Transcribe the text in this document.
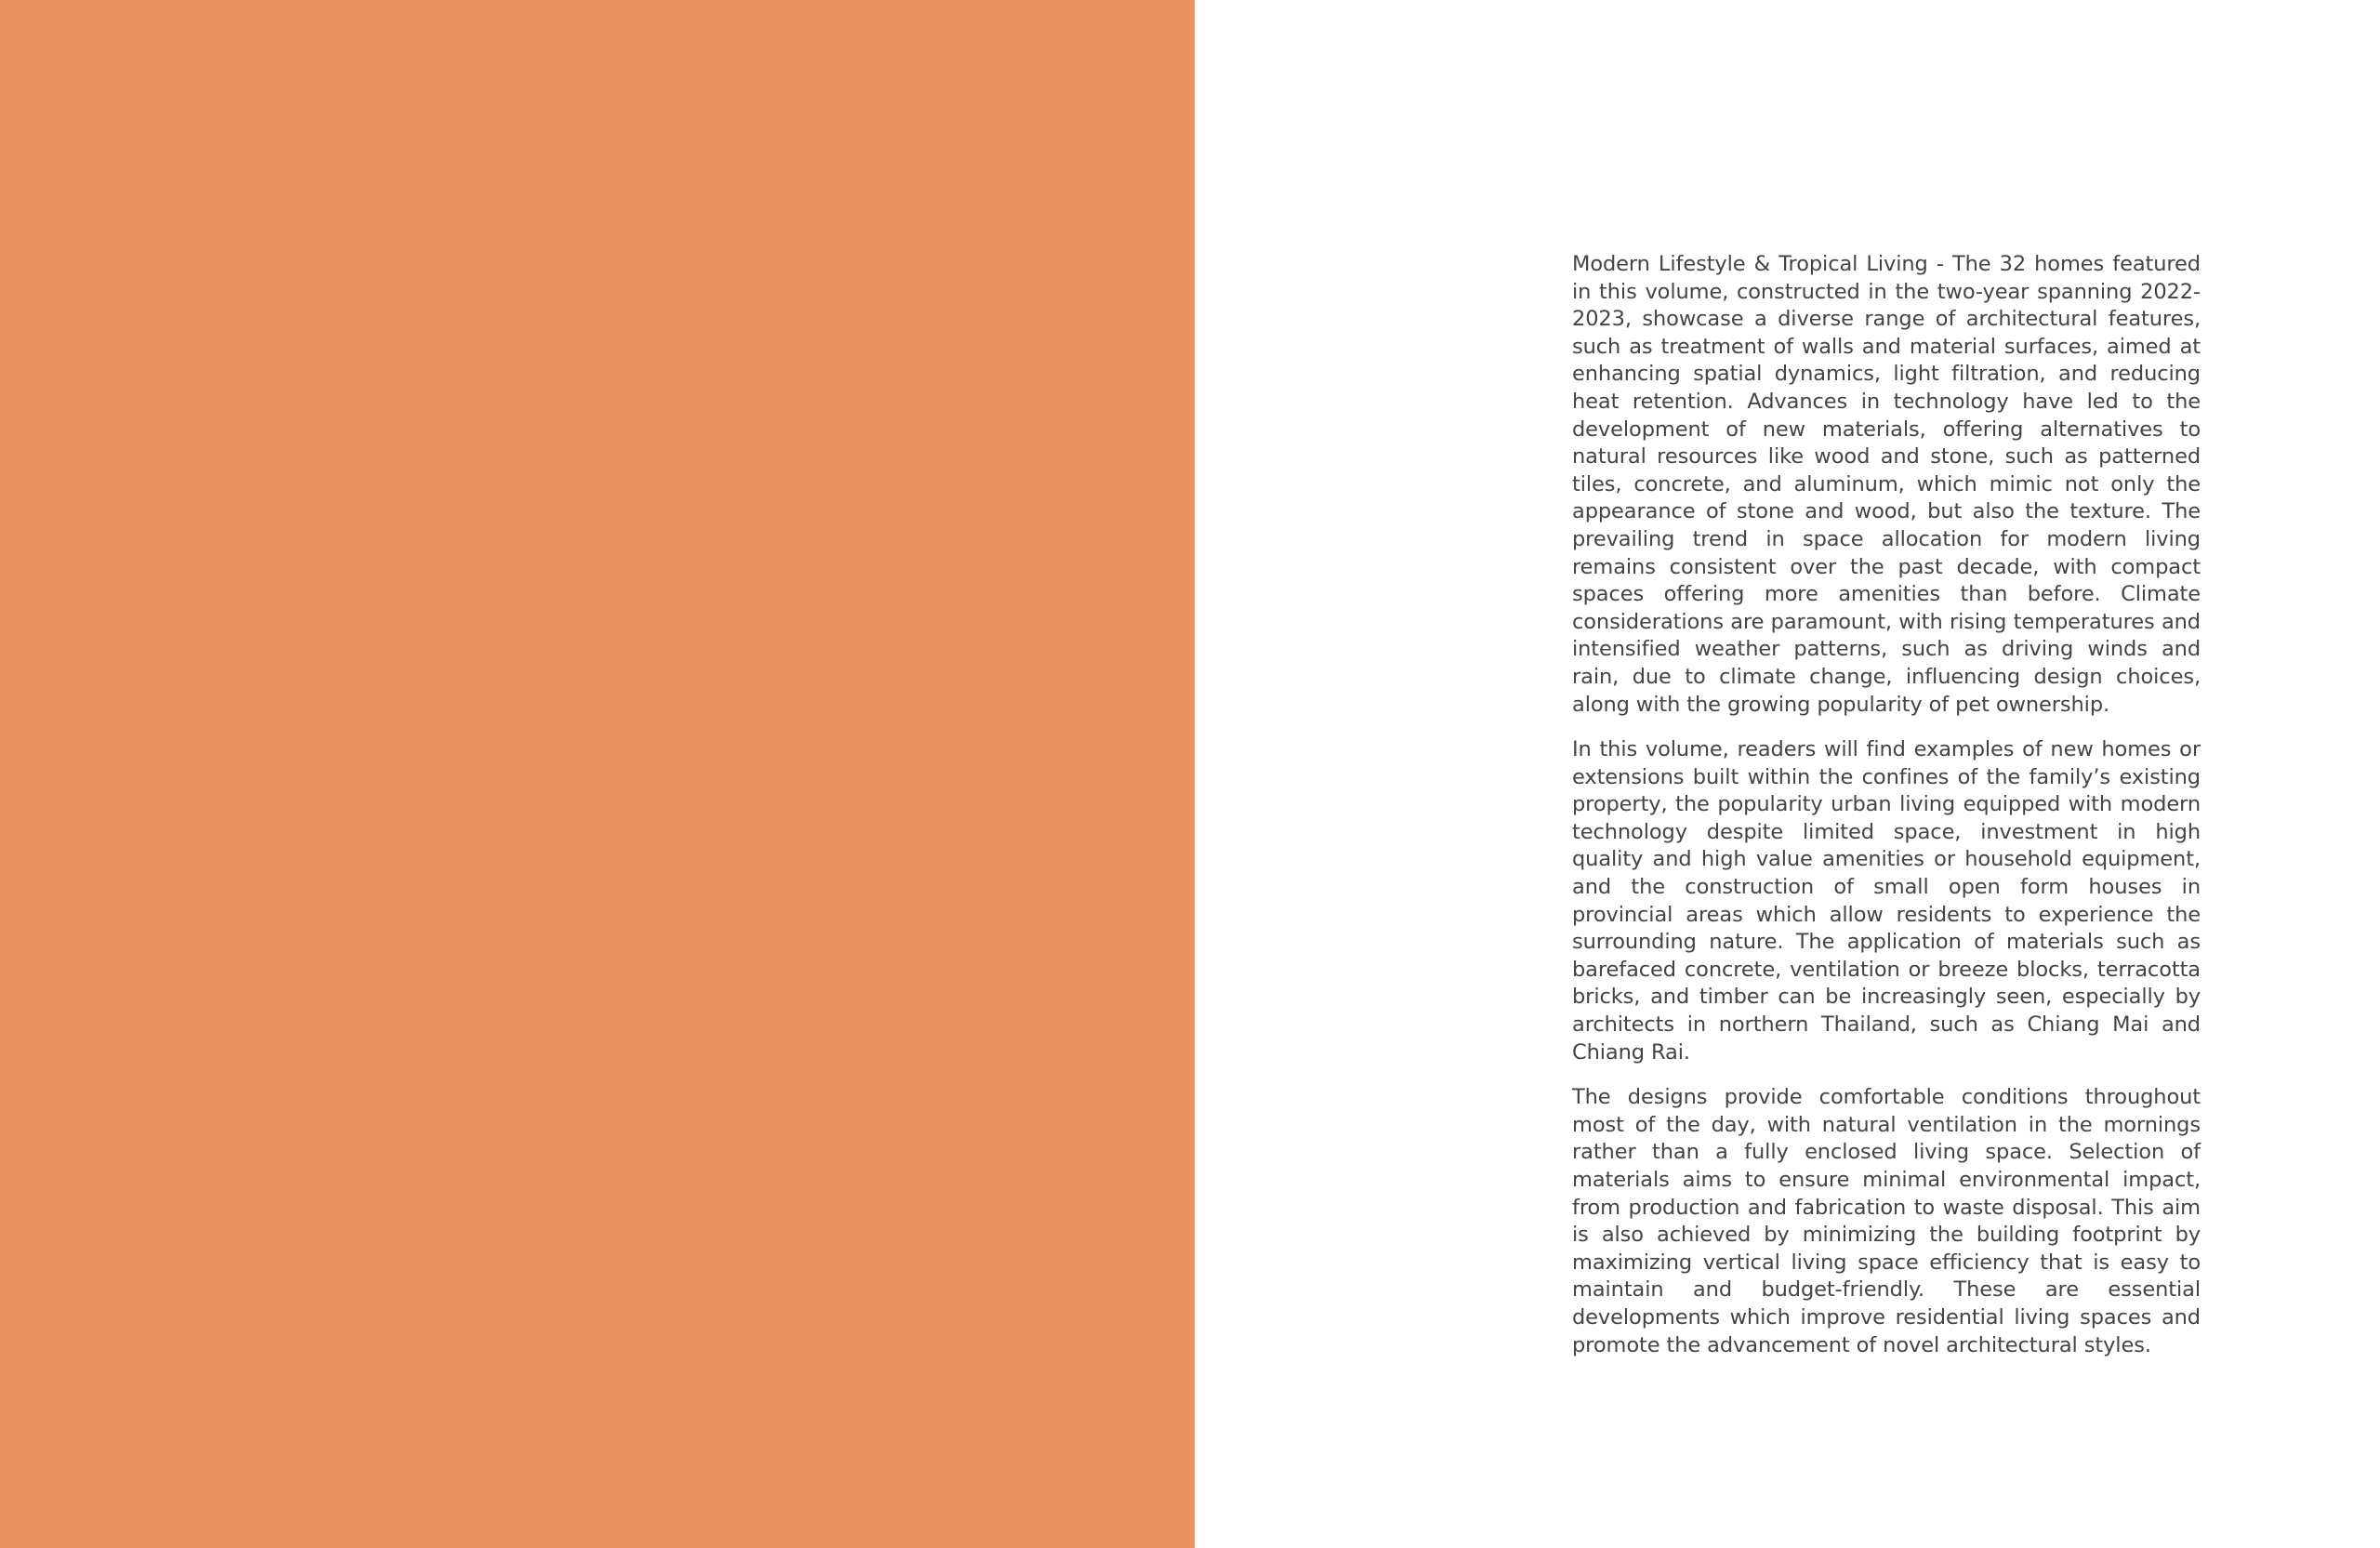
Modern Lifestyle & Tropical Living - The 32 homes featured in this volume, constructed in the two-year spanning 2022-2023, showcase a diverse range of architectural features, such as treatment of walls and material surfaces, aimed at enhancing spatial dynamics, light filtration, and reducing heat retention. Advances in technology have led to the development of new materials, offering alternatives to natural resources like wood and stone, such as patterned tiles, concrete, and aluminum, which mimic not only the appearance of stone and wood, but also the texture. The prevailing trend in space allocation for modern living remains consistent over the past decade, with compact spaces offering more amenities than before. Climate considerations are paramount, with rising temperatures and intensified weather patterns, such as driving winds and rain, due to climate change, influencing design choices, along with the growing popularity of pet ownership.

In this volume, readers will find examples of new homes or extensions built within the confines of the family’s existing property, the popularity urban living equipped with modern technology despite limited space, investment in high quality and high value amenities or household equipment, and the construction of small open form houses in provincial areas which allow residents to experience the surrounding nature. The application of materials such as barefaced concrete, ventilation or breeze blocks, terracotta bricks, and timber can be increasingly seen, especially by architects in northern Thailand, such as Chiang Mai and Chiang Rai.

The designs provide comfortable conditions throughout most of the day, with natural ventilation in the mornings rather than a fully enclosed living space. Selection of materials aims to ensure minimal environmental impact, from production and fabrication to waste disposal. This aim is also achieved by minimizing the building footprint by maximizing vertical living space efficiency that is easy to maintain and budget-friendly. These are essential developments which improve residential living spaces and promote the advancement of novel architectural styles.
